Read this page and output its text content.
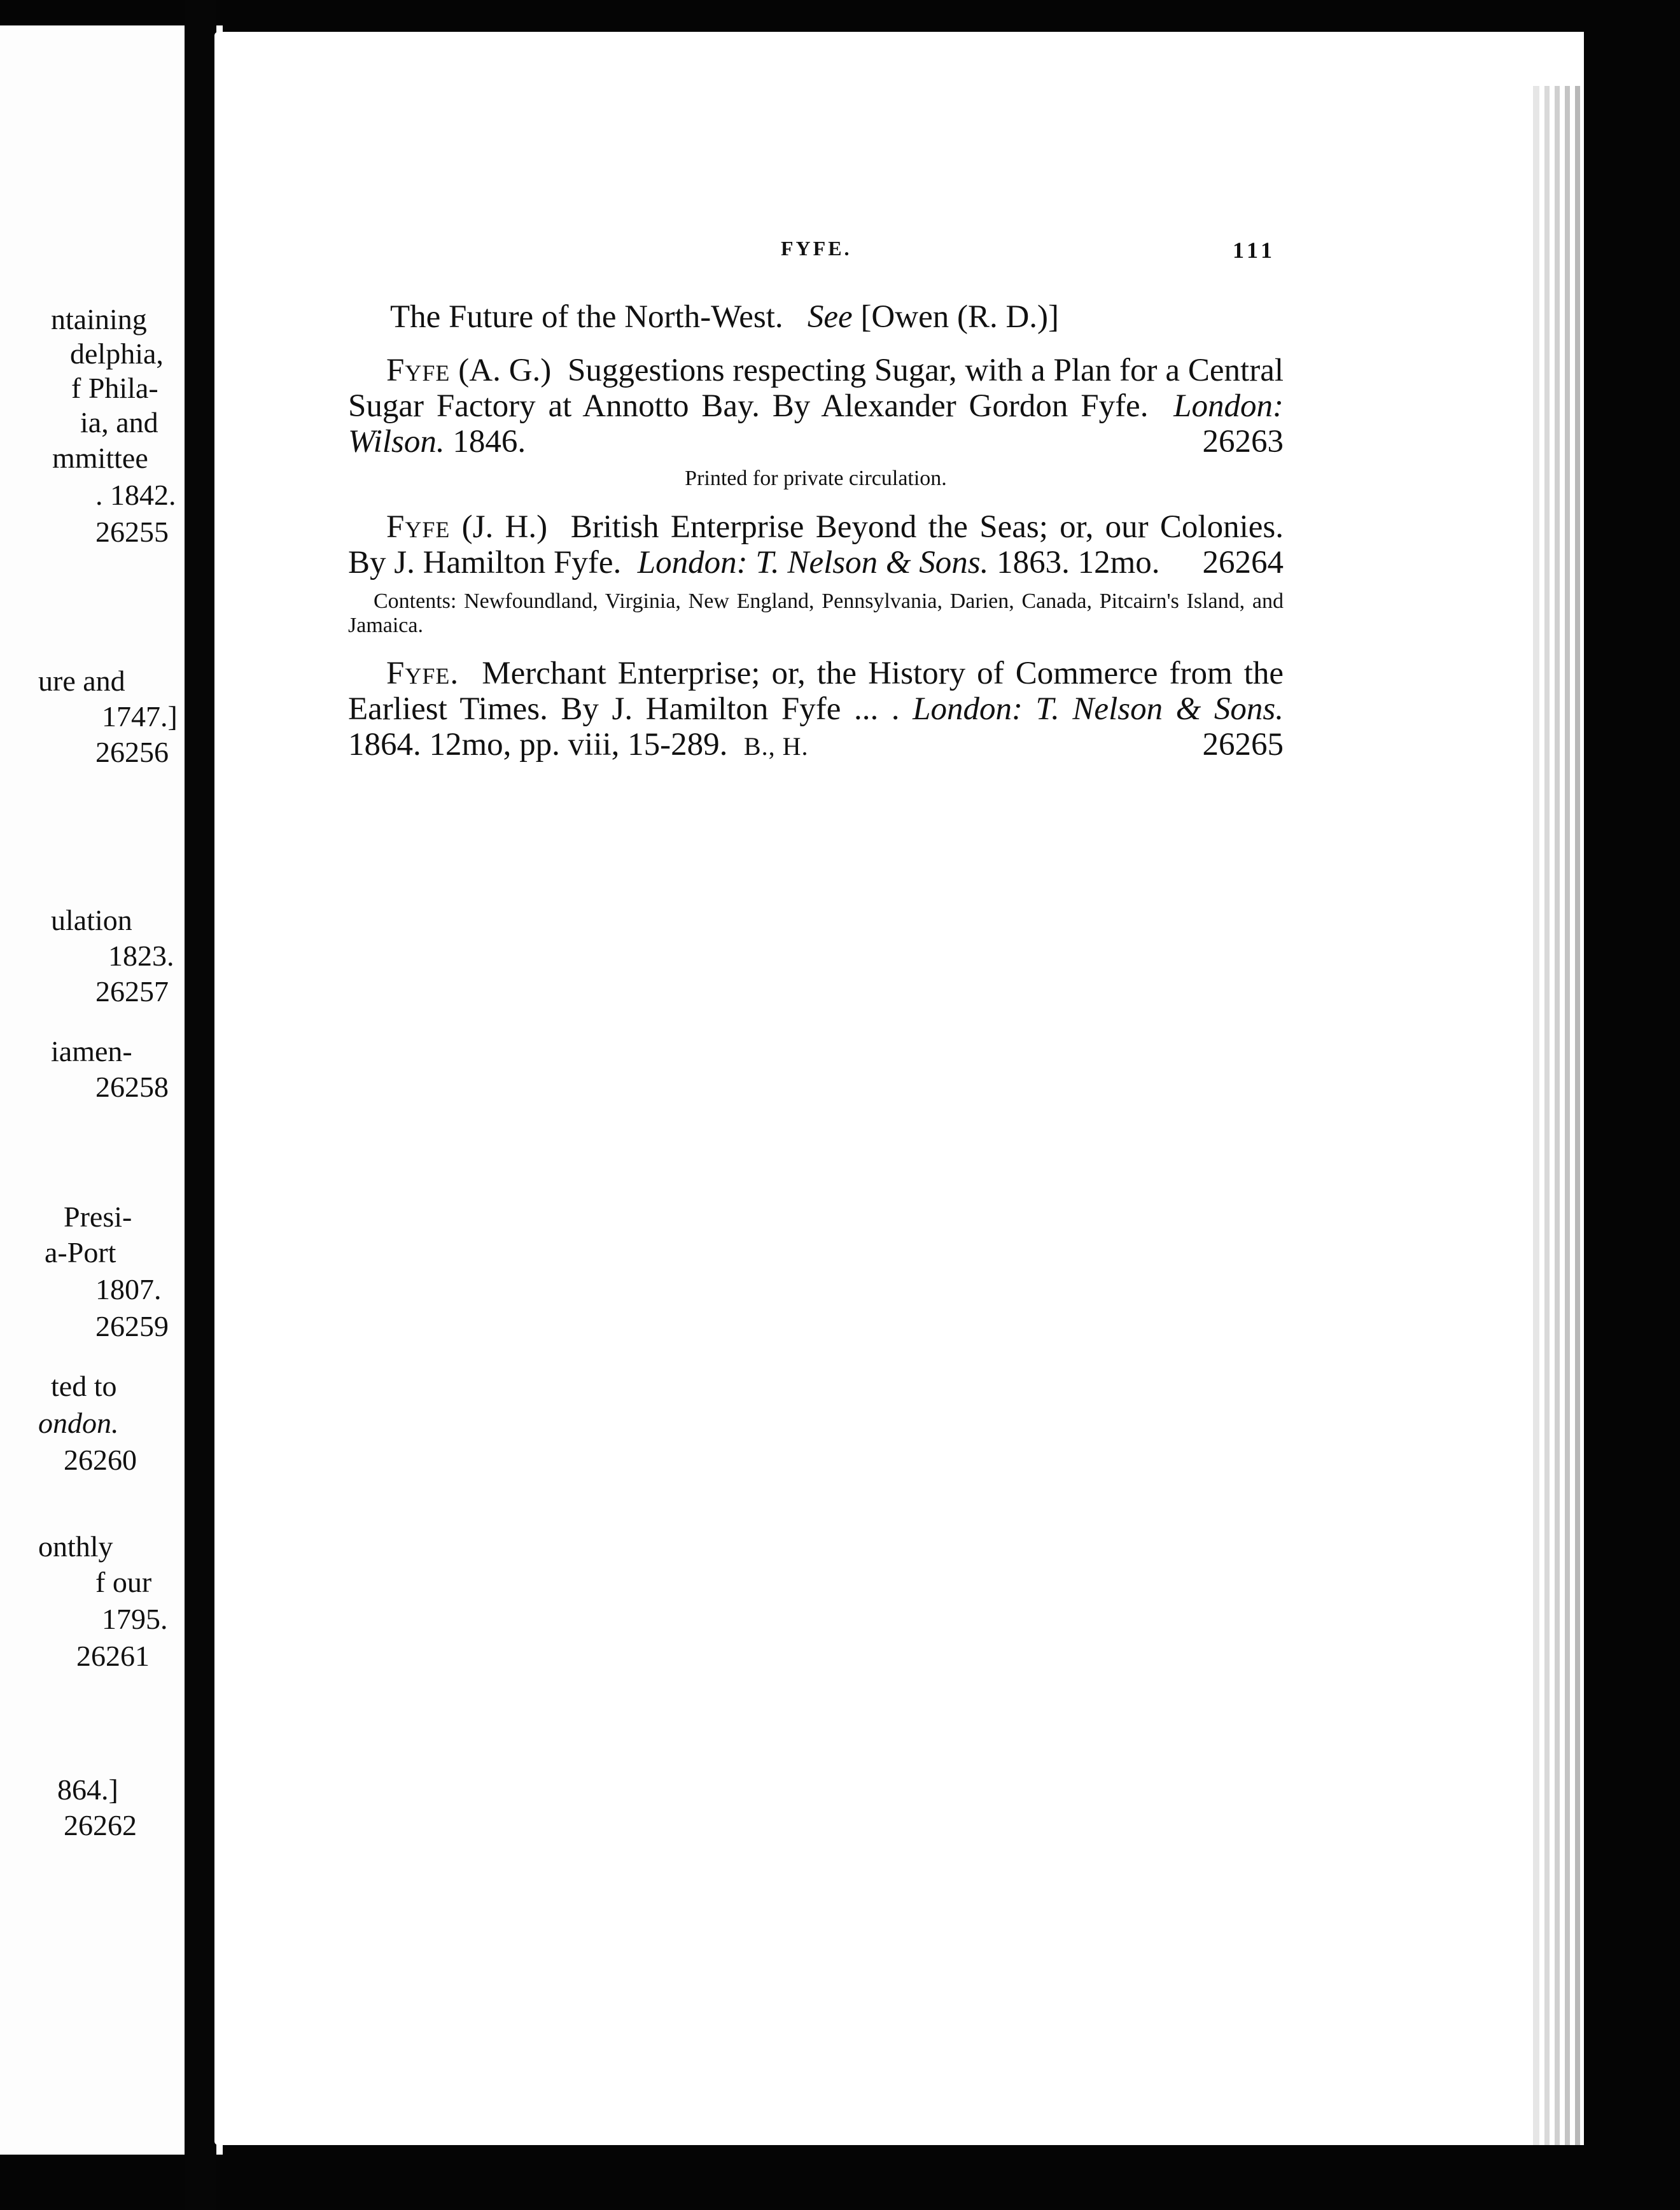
ntaining
delphia,
f Phila-
ia, and
mmittee
. 1842.
26255
ure and
1747.]
26256
ulation
1823.
26257
iamen-
26258
Presi-
a-Port
1807.
26259
ted to
ondon.
26260
onthly
f our
1795.
26261
864.]
26262
FYFE.	111
The Future of the North-West. See [Owen (R. D.)]
Fyfe (A. G.) Suggestions respecting Sugar, with a Plan for a Central Sugar Factory at Annotto Bay. By Alexander Gordon Fyfe. London: Wilson. 1846.	26263
Printed for private circulation.
Fyfe (J. H.) British Enterprise Beyond the Seas; or, our Colonies. By J. Hamilton Fyfe. London: T. Nelson & Sons. 1863. 12mo. 26264
Contents: Newfoundland, Virginia, New England, Pennsylvania, Darien, Canada, Pitcairn's Island, and Jamaica.
Fyfe. Merchant Enterprise; or, the History of Commerce from the Earliest Times. By J. Hamilton Fyfe ... . London: T. Nelson & Sons. 1864. 12mo, pp. viii, 15-289. B., H.	26265
